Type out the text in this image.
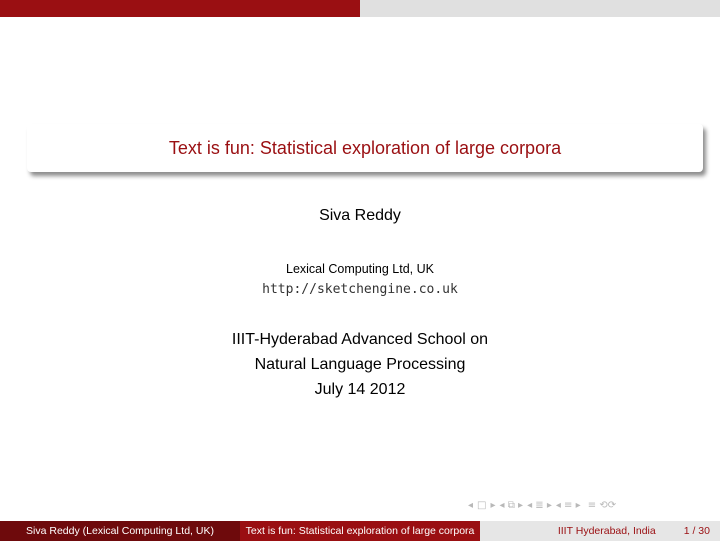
Text is fun: Statistical exploration of large corpora
Siva Reddy
Lexical Computing Ltd, UK
http://sketchengine.co.uk
IIIT-Hyderabad Advanced School on
Natural Language Processing
July 14 2012
◂ □ ▸ ◂ ⧉ ▸ ◂ ≣ ▸ ◂ ≡ ▸ ≡ ⟲⟳
Siva Reddy (Lexical Computing Ltd, UK)	Text is fun: Statistical exploration of large corpora	IIIT Hyderabad, India	1 / 30
